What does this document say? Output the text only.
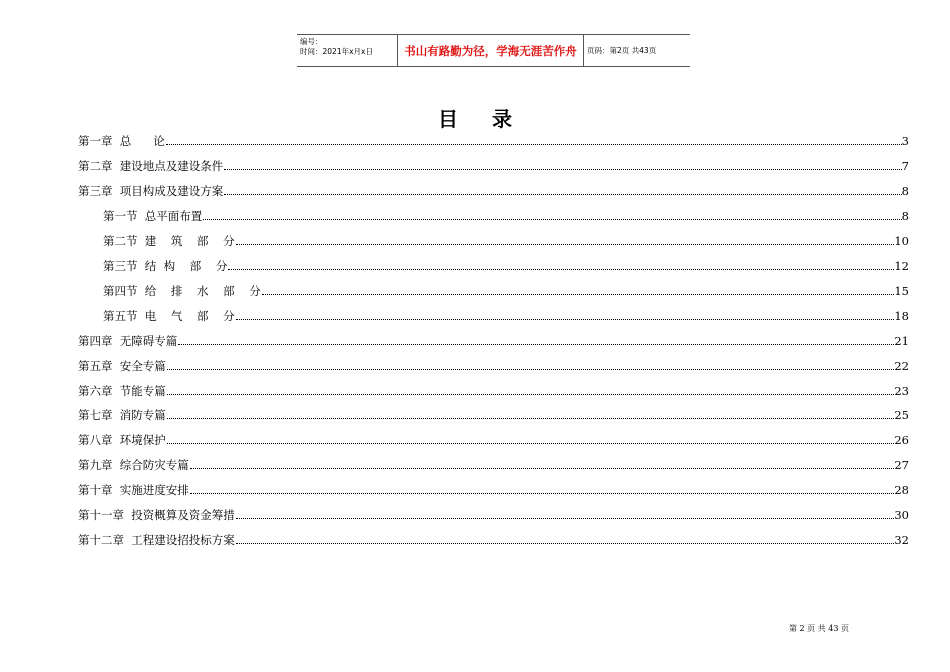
编号：
时间：2021年x月x日	书山有路勤为径，学海无涯苦作舟	页码：第2页 共43页
目 录
第一章  总      论	3
第二章  建设地点及建设条件	7
第三章  项目构成及建设方案	8
第一节  总平面布置	8
第二节  建    筑    部    分	10
第三节  结  构    部    分	12
第四节  给    排    水    部    分	15
第五节  电    气    部    分	18
第四章  无障碍专篇	21
第五章  安全专篇	22
第六章  节能专篇	23
第七章  消防专篇	25
第八章  环境保护	26
第九章  综合防灾专篇	27
第十章  实施进度安排	28
第十一章  投资概算及资金筹措	30
第十二章  工程建设招投标方案	32
第 2 页 共 43 页
